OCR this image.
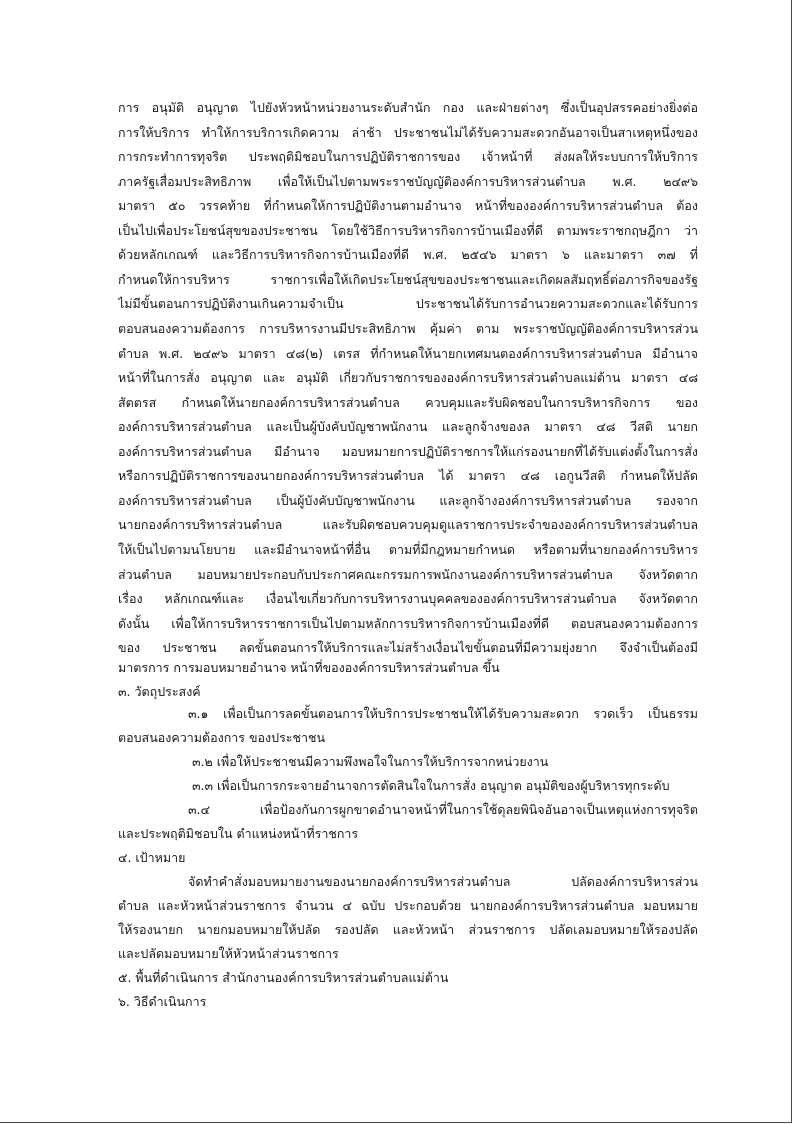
การ อนุมัติ อนุญาต ไปยังหัวหน้าหน่วยงานระดับสำนัก กอง และฝ่ายต่างๆ ซึ่งเป็นอุปสรรคอย่างยิ่งต่อ
การให้บริการ ทำให้การบริการเกิดความ ล่าช้า ประชาชนไม่ได้รับความสะดวกอันอาจเป็นสาเหตุหนึ่งของ
การกระทำการทุจริต ประพฤติมิชอบในการปฏิบัติราชการของ เจ้าหน้าที่ ส่งผลให้ระบบการให้บริการ
ภาครัฐเสื่อมประสิทธิภาพ เพื่อให้เป็นไปตามพระราชบัญญัติองค์การบริหารส่วนตำบล พ.ศ. ๒๔๙๖
มาตรา ๕๐ วรรคท้าย ที่กำหนดให้การปฏิบัติงานตามอำนาจ หน้าที่ขององค์การบริหารส่วนตำบล ต้อง
เป็นไปเพื่อประโยชน์สุขของประชาชน โดยใช้วิธีการบริหารกิจการบ้านเมืองที่ดี ตามพระราชกฤษฎีกา ว่า
ด้วยหลักเกณฑ์ และวิธีการบริหารกิจการบ้านเมืองที่ดี พ.ศ. ๒๕๔๖ มาตรา ๖ และมาตรา ๓๗ ที่
กำหนดให้การบริหาร ราชการเพื่อให้เกิดประโยชน์สุขของประชาชนและเกิดผลสัมฤทธิ์ต่อภารกิจของรัฐ
ไม่มีขั้นตอนการปฏิบัติงานเกินความจำเป็น ประชาชนได้รับการอำนวยความสะดวกและได้รับการ
ตอบสนองความต้องการ การบริหารงานมีประสิทธิภาพ คุ้มค่า ตาม พระราชบัญญัติองค์การบริหารส่วน
ตำบล พ.ศ. ๒๔๙๖ มาตรา ๔๘(๒) เตรส ที่กำหนดให้นายกเทศมนตองค์การบริหารส่วนตำบล มีอำนาจ
หน้าที่ในการสั่ง อนุญาต และ อนุมัติ เกี่ยวกับราชการขององค์การบริหารส่วนตำบลแม่ต้าน มาตรา ๔๘
สัตตรส กำหนดให้นายกองค์การบริหารส่วนตำบล ควบคุมและรับผิดชอบในการบริหารกิจการ ของ
องค์การบริหารส่วนตำบล และเป็นผู้บังคับบัญชาพนักงาน และลูกจ้างของล มาตรา ๔๘ วีสติ นายก
องค์การบริหารส่วนตำบล มีอำนาจ มอบหมายการปฏิบัติราชการให้แก่รองนายกที่ได้รับแต่งตั้งในการสั่ง
หรือการปฏิบัติราชการของนายกองค์การบริหารส่วนตำบล ได้ มาตรา ๔๘ เอกูนวีสติ กำหนดให้ปลัด
องค์การบริหารส่วนตำบล เป็นผู้บังคับบัญชาพนักงาน และลูกจ้างองค์การบริหารส่วนตำบล รองจาก
นายกองค์การบริหารส่วนตำบล และรับผิดชอบควบคุมดูแลราชการประจำขององค์การบริหารส่วนตำบล
ให้เป็นไปตามนโยบาย และมีอำนาจหน้าที่อื่น ตามที่มีกฎหมายกำหนด หรือตามที่นายกองค์การบริหาร
ส่วนตำบล มอบหมายประกอบกับประกาศคณะกรรมการพนักงานองค์การบริหารส่วนตำบล จังหวัดตาก
เรื่อง หลักเกณฑ์และ เงื่อนไขเกี่ยวกับการบริหารงานบุคคลขององค์การบริหารส่วนตำบล จังหวัดตาก
ดังนั้น เพื่อให้การบริหารราชการเป็นไปตามหลักการบริหารกิจการบ้านเมืองที่ดี ตอบสนองความต้องการ
ของ ประชาชน ลดขั้นตอนการให้บริการและไม่สร้างเงื่อนไขขั้นตอนที่มีความยุ่งยาก จึงจำเป็นต้องมี
มาตรการ การมอบหมายอำนาจ หน้าที่ขององค์การบริหารส่วนตำบล ขึ้น
๓. วัตถุประสงค์
๓.๑ เพื่อเป็นการลดขั้นตอนการให้บริการประชาชนให้ได้รับความสะดวก รวดเร็ว เป็นธรรม
ตอบสนองความต้องการ ของประชาชน
๓.๒ เพื่อให้ประชาชนมีความพึงพอใจในการให้บริการจากหน่วยงาน
๓.๓ เพื่อเป็นการกระจายอำนาจการตัดสินใจในการสั่ง อนุญาต อนุมัติของผู้บริหารทุกระดับ
๓.๔ เพื่อป้องกันการผูกขาดอำนาจหน้าที่ในการใช้ดุลยพินิจอันอาจเป็นเหตุแห่งการทุจริต
และประพฤติมิชอบใน ตำแหน่งหน้าที่ราชการ
๔. เป้าหมาย
จัดทำคำสั่งมอบหมายงานของนายกองค์การบริหารส่วนตำบล ปลัดองค์การบริหารส่วน
ตำบล และหัวหน้าส่วนราชการ จำนวน ๔ ฉบับ ประกอบด้วย นายกองค์การบริหารส่วนตำบล มอบหมาย
ให้รองนายก นายกมอบหมายให้ปลัด รองปลัด และหัวหน้า ส่วนราชการ ปลัดเลมอบหมายให้รองปลัด
และปลัดมอบหมายให้หัวหน้าส่วนราชการ
๕. พื้นที่ดำเนินการ สำนักงานองค์การบริหารส่วนตำบลแม่ต้าน
๖. วิธีดำเนินการ
